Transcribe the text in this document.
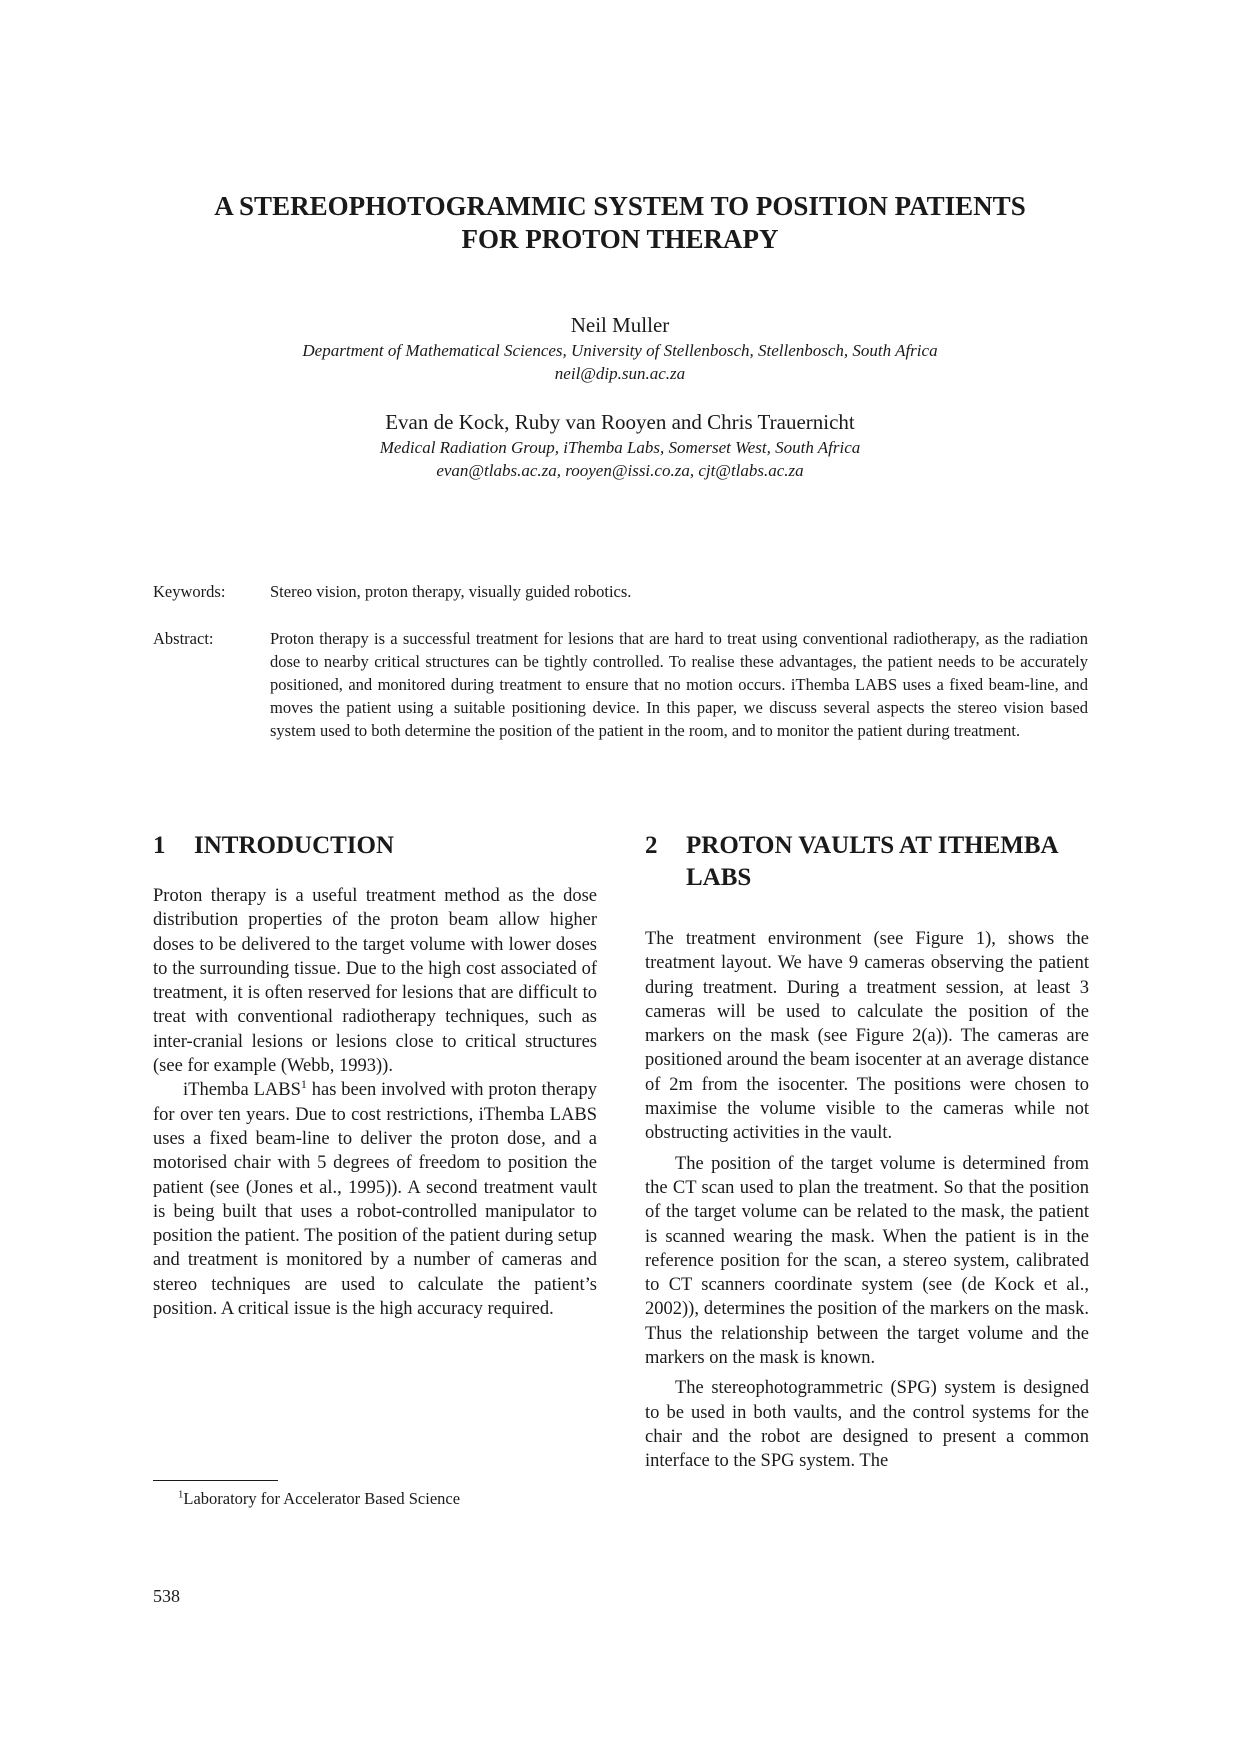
A STEREOPHOTOGRAMMIC SYSTEM TO POSITION PATIENTS
FOR PROTON THERAPY

Neil Muller

Department of Mathematical Sciences, University of Stellenbosch, Stellenbosch, South Africa

neil@dip.sun.ac.za

Evan de Kock, Ruby van Rooyen and Chris Trauernicht

Medical Radiation Group, iThemba Labs, Somerset West, South Africa

evan@tlabs.ac.za, rooyen@issi.co.za, cjt@tlabs.ac.za

Keywords:	Stereo vision, proton therapy, visually guided robotics.
Abstract:	Proton therapy is a successful treatment for lesions that are hard to treat using conventional radiotherapy, as the radiation dose to nearby critical structures can be tightly controlled. To realise these advantages, the patient needs to be accurately positioned, and monitored during treatment to ensure that no motion occurs. iThemba LABS uses a fixed beam-line, and moves the patient using a suitable positioning device. In this paper, we discuss several aspects the stereo vision based system used to both determine the position of the patient in the room, and to monitor the patient during treatment.
1 INTRODUCTION

Proton therapy is a useful treatment method as the dose distribution properties of the proton beam allow higher doses to be delivered to the target volume with lower doses to the surrounding tissue. Due to the high cost associated of treatment, it is often reserved for lesions that are difficult to treat with conventional radiotherapy techniques, such as inter-cranial lesions or lesions close to critical structures (see for example (Webb, 1993)).

iThemba LABS$^1$ has been involved with proton therapy for over ten years. Due to cost restrictions, iThemba LABS uses a fixed beam-line to deliver the proton dose, and a motorised chair with 5 degrees of freedom to position the patient (see (Jones et al., 1995)). A second treatment vault is being built that uses a robot-controlled manipulator to position the patient. The position of the patient during setup and treatment is monitored by a number of cameras and stereo techniques are used to calculate the patient’s position. A critical issue is the high accuracy required.

2 PROTON VAULTS AT ITHEMBA
LABS

The treatment environment (see Figure 1), shows the treatment layout. We have 9 cameras observing the patient during treatment. During a treatment session, at least 3 cameras will be used to calculate the position of the markers on the mask (see Figure 2(a)). The cameras are positioned around the beam isocenter at an average distance of 2m from the isocenter. The positions were chosen to maximise the volume visible to the cameras while not obstructing activities in the vault.

The position of the target volume is determined from the CT scan used to plan the treatment. So that the position of the target volume can be related to the mask, the patient is scanned wearing the mask. When the patient is in the reference position for the scan, a stereo system, calibrated to CT scanners coordinate system (see (de Kock et al., 2002)), determines the position of the markers on the mask. Thus the relationship between the target volume and the markers on the mask is known.

The stereophotogrammetric (SPG) system is designed to be used in both vaults, and the control systems for the chair and the robot are designed to present a common interface to the SPG system. The

$^1$Laboratory for Accelerator Based Science
538
